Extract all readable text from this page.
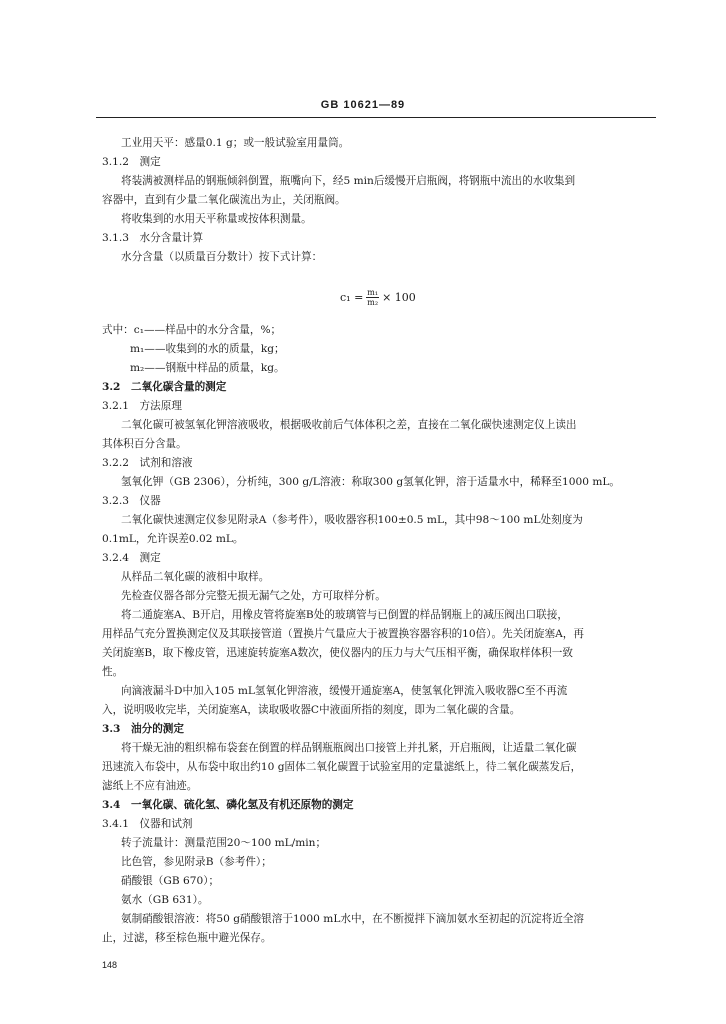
GB 10621—89
工业用天平：感量0.1 g；或一般试验室用量筒。
3.1.2　测定
将装满被测样品的钢瓶倾斜倒置，瓶嘴向下，经5 min后缓慢开启瓶阀，将钢瓶中流出的水收集到
容器中，直到有少量二氧化碳流出为止，关闭瓶阀。
将收集到的水用天平称量或按体积测量。
3.1.3　水分含量计算
水分含量（以质量百分数计）按下式计算：
$c_1 = \frac{\text{m₁}}{\text{m₂}} \times 100$
式中：c₁——样品中的水分含量，%；
m₁——收集到的水的质量，kg；
m₂——钢瓶中样品的质量，kg。
3.2　二氧化碳含量的测定
3.2.1　方法原理
二氧化碳可被氢氧化钾溶液吸收，根据吸收前后气体体积之差，直接在二氧化碳快速测定仪上读出
其体积百分含量。
3.2.2　试剂和溶液
氢氧化钾（GB 2306），分析纯，300 g/L溶液：称取300 g氢氧化钾，溶于适量水中，稀释至1000 mL。
3.2.3　仪器
二氧化碳快速测定仪参见附录A（参考件），吸收器容积100±0.5 mL，其中98～100 mL处刻度为
0.1mL，允许误差0.02 mL。
3.2.4　测定
从样品二氧化碳的液相中取样。
先检查仪器各部分完整无损无漏气之处，方可取样分析。
将二通旋塞A、B开启，用橡皮管将旋塞B处的玻璃管与已倒置的样品钢瓶上的减压阀出口联接，
用样品气充分置换测定仪及其联接管道（置换片气量应大于被置换容器容积的10倍）。先关闭旋塞A，再
关闭旋塞B，取下橡皮管，迅速旋转旋塞A数次，使仪器内的压力与大气压相平衡，确保取样体积一致
性。
向滴液漏斗D中加入105 mL氢氧化钾溶液，缓慢开通旋塞A，使氢氧化钾流入吸收器C至不再流
入，说明吸收完毕，关闭旋塞A，读取吸收器C中液面所指的刻度，即为二氧化碳的含量。
3.3　油分的测定
将干燥无油的粗织棉布袋套在倒置的样品钢瓶瓶阀出口接管上并扎紧，开启瓶阀，让适量二氧化碳
迅速流入布袋中，从布袋中取出约10 g固体二氧化碳置于试验室用的定量滤纸上，待二氧化碳蒸发后，
滤纸上不应有油迹。
3.4　一氧化碳、硫化氢、磷化氢及有机还原物的测定
3.4.1　仪器和试剂
转子流量计：测量范围20～100 mL/min；
比色管，参见附录B（参考件）；
硝酸银（GB 670）；
氨水（GB 631）。
氨制硝酸银溶液：将50 g硝酸银溶于1000 mL水中，在不断搅拌下滴加氨水至初起的沉淀将近全溶
止，过滤，移至棕色瓶中避光保存。
148
